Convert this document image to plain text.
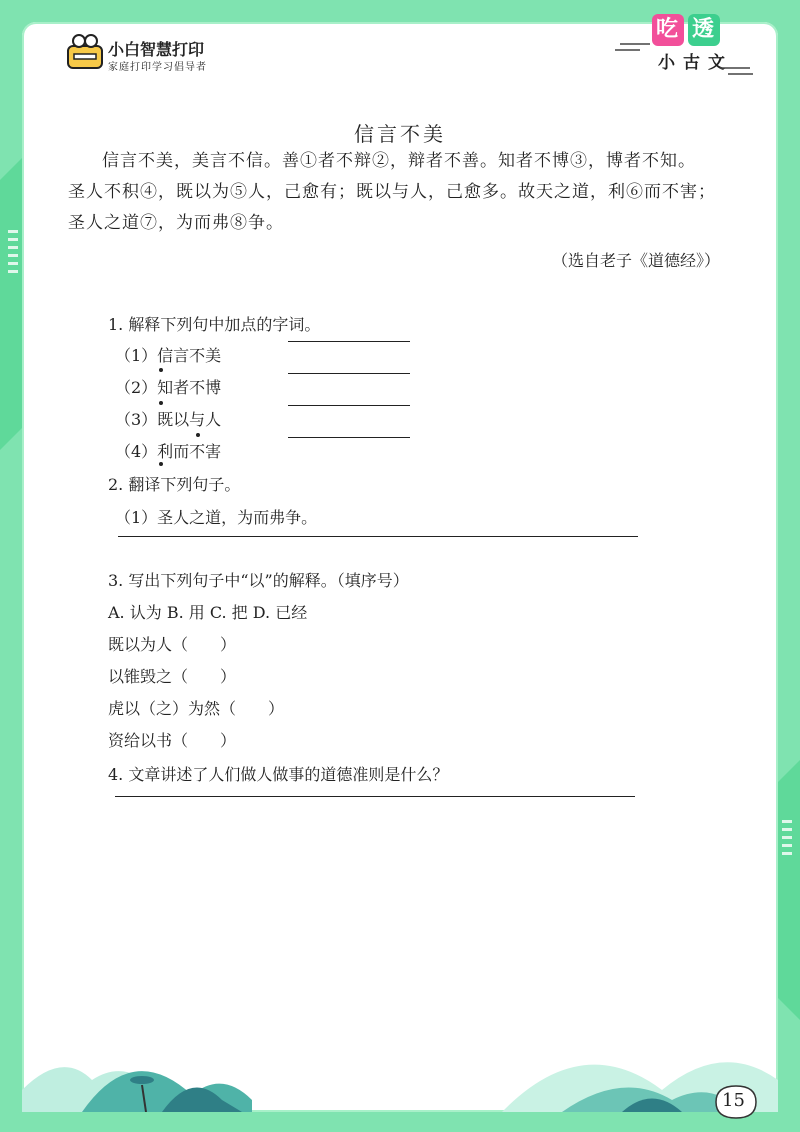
小白智慧打印
家庭打印学习倡导者
吃 透
小古文
信言不美
信言不美，美言不信。善①者不辩②，辩者不善。知者不博③，博者不知。
圣人不积④，既以为⑤人，己愈有；既以与人，己愈多。故天之道，利⑥而不害；
圣人之道⑦，为而弗⑧争。
（选自老子《道德经》）
1. 解释下列句中加点的字词。
（1）信言不美
（2）知者不博
（3）既以与人
（4）利而不害
2. 翻译下列句子。
（1）圣人之道，为而弗争。
3. 写出下列句子中“以”的解释。（填序号）
A. 认为 B. 用 C. 把 D. 已经
既以为人（　　）
以锥毁之（　　）
虎以（之）为然（　　）
资给以书（　　）
4. 文章讲述了人们做人做事的道德准则是什么？
15
